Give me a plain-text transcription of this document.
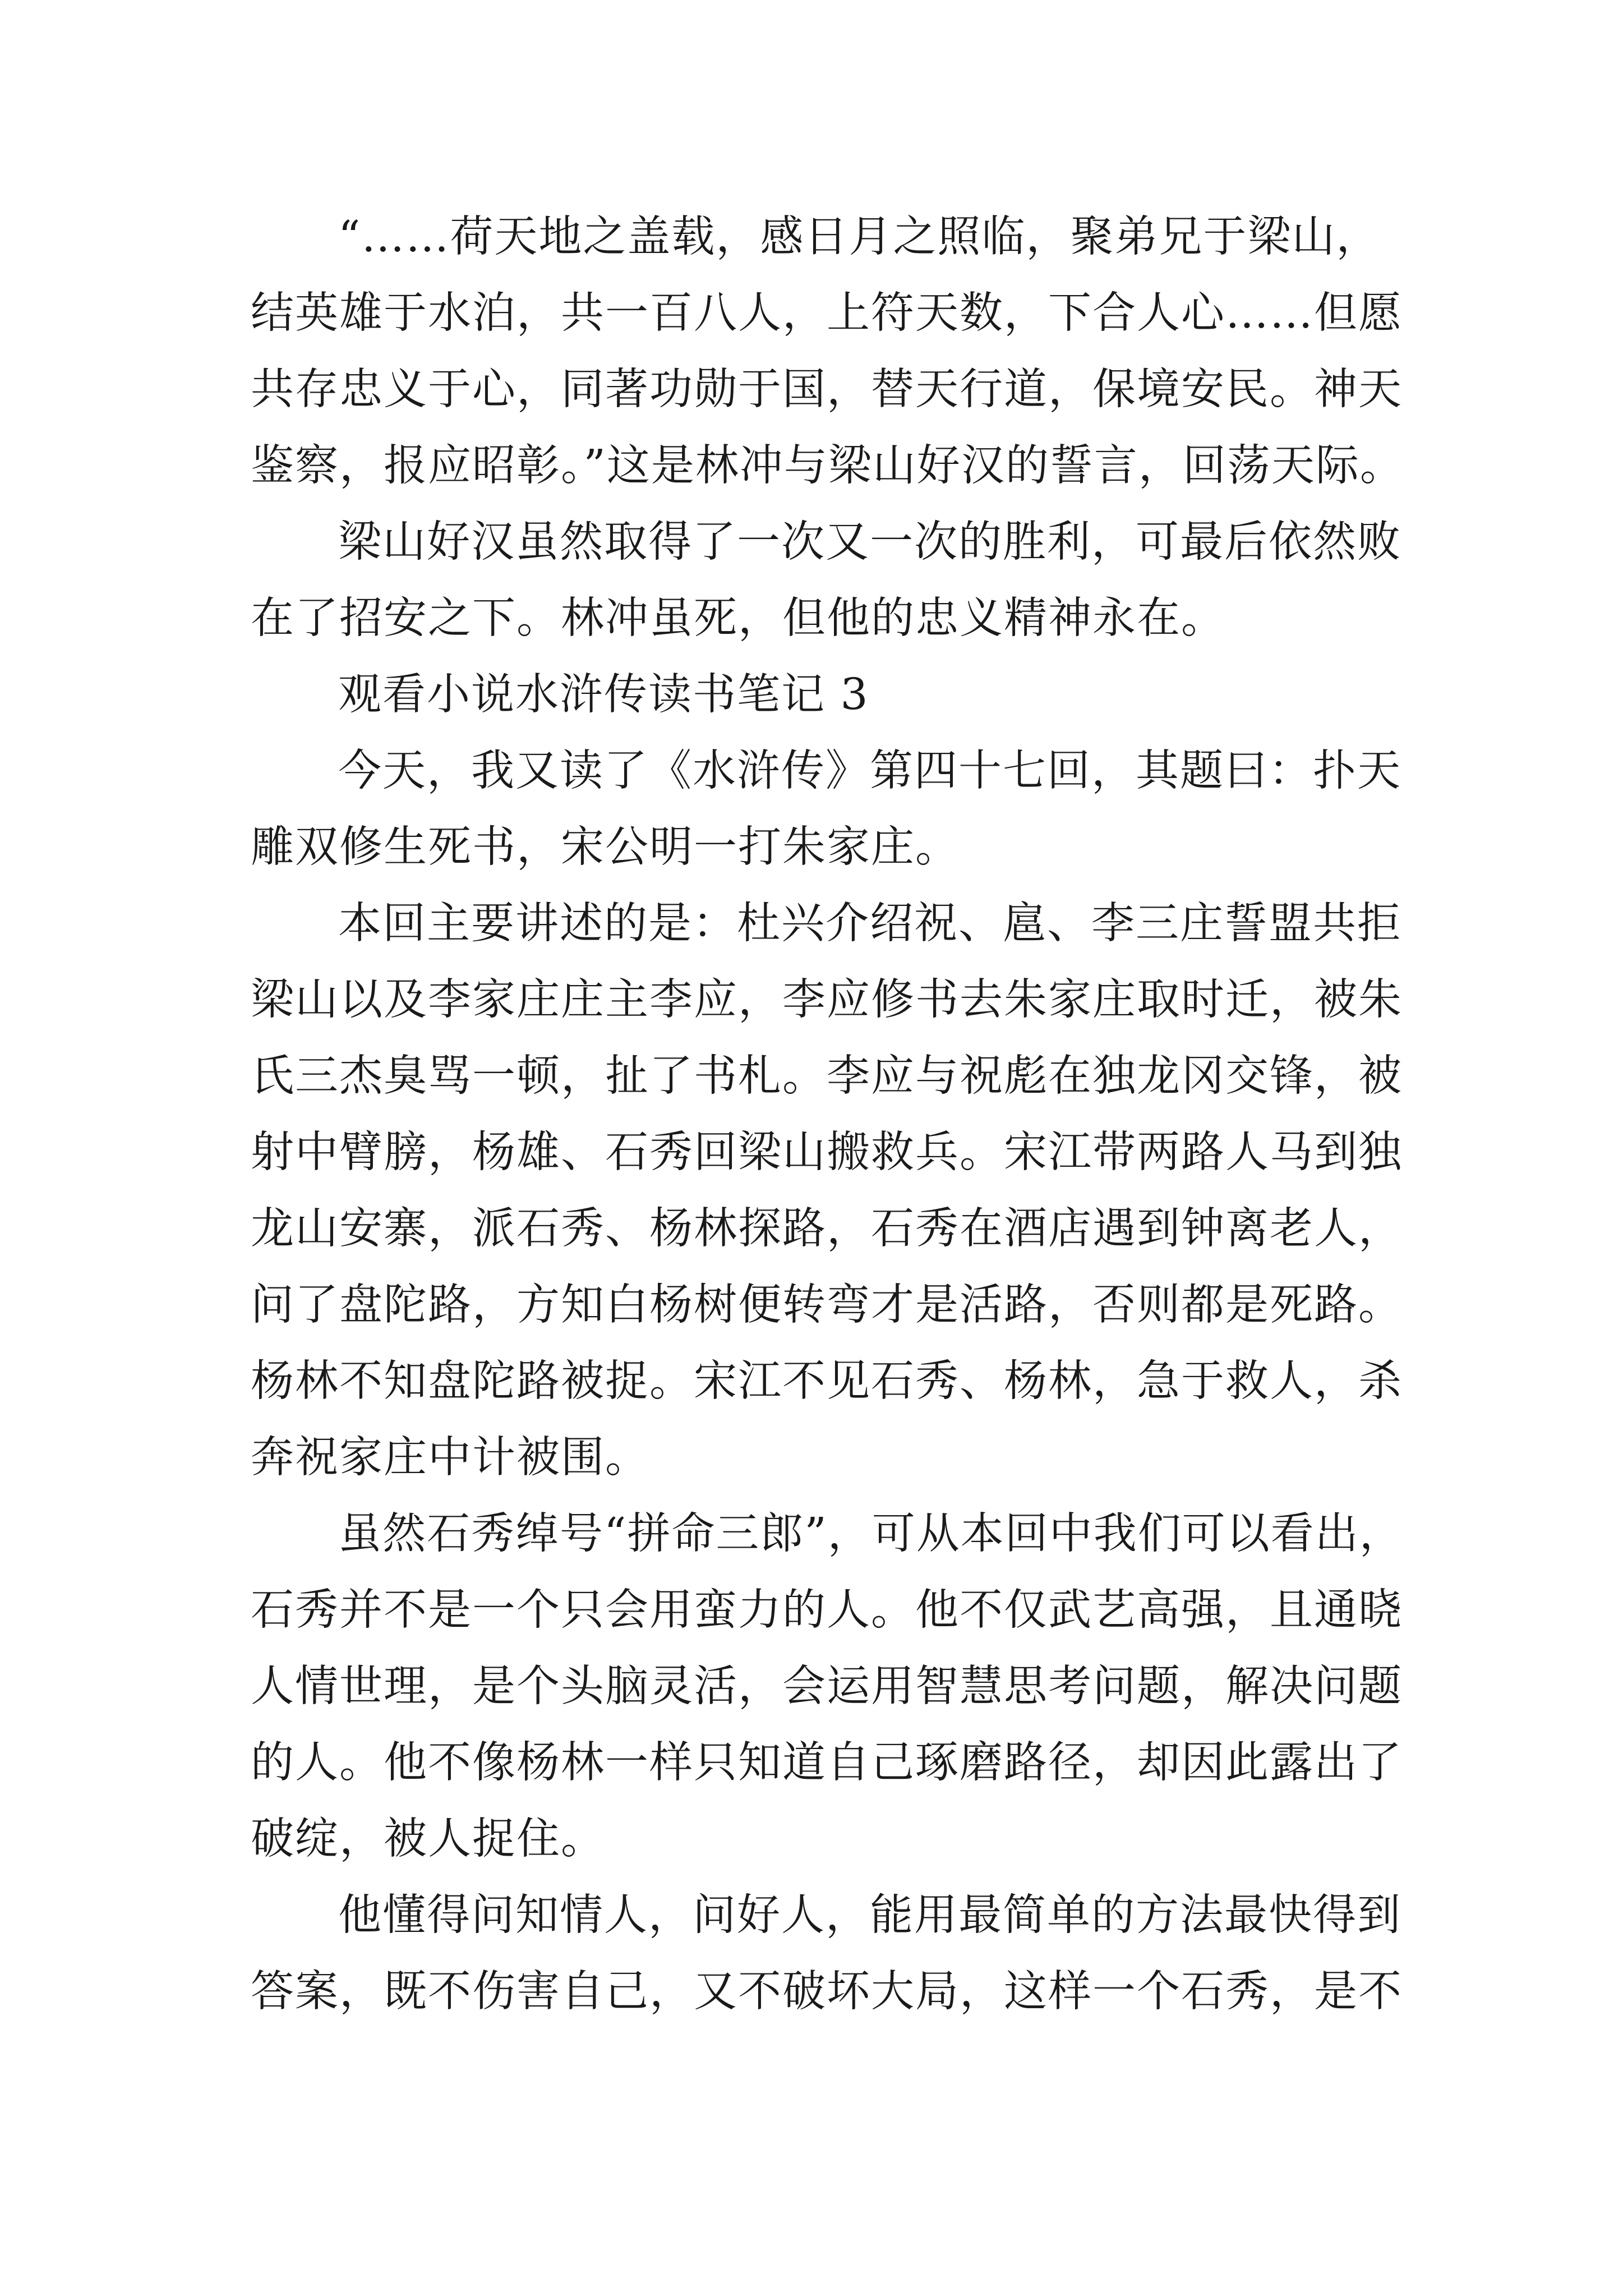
“……荷天地之盖载，感日月之照临，聚弟兄于梁山，
结英雄于水泊，共一百八人，上符天数，下合人心……但愿
共存忠义于心，同著功勋于国，替天行道，保境安民。神天
鉴察，报应昭彰。”这是林冲与梁山好汉的誓言，回荡天际。
梁山好汉虽然取得了一次又一次的胜利，可最后依然败
在了招安之下。林冲虽死，但他的忠义精神永在。
观看小说水浒传读书笔记 3
今天，我又读了《水浒传》第四十七回，其题曰：扑天
雕双修生死书，宋公明一打朱家庄。
本回主要讲述的是：杜兴介绍祝、扈、李三庄誓盟共拒
梁山以及李家庄庄主李应，李应修书去朱家庄取时迁，被朱
氏三杰臭骂一顿，扯了书札。李应与祝彪在独龙冈交锋，被
射中臂膀，杨雄、石秀回梁山搬救兵。宋江带两路人马到独
龙山安寨，派石秀、杨林探路，石秀在酒店遇到钟离老人，
问了盘陀路，方知白杨树便转弯才是活路，否则都是死路。
杨林不知盘陀路被捉。宋江不见石秀、杨林，急于救人，杀
奔祝家庄中计被围。
虽然石秀绰号“拼命三郎”，可从本回中我们可以看出，
石秀并不是一个只会用蛮力的人。他不仅武艺高强，且通晓
人情世理，是个头脑灵活，会运用智慧思考问题，解决问题
的人。他不像杨林一样只知道自己琢磨路径，却因此露出了
破绽，被人捉住。
他懂得问知情人，问好人，能用最简单的方法最快得到
答案，既不伤害自己，又不破坏大局，这样一个石秀，是不
